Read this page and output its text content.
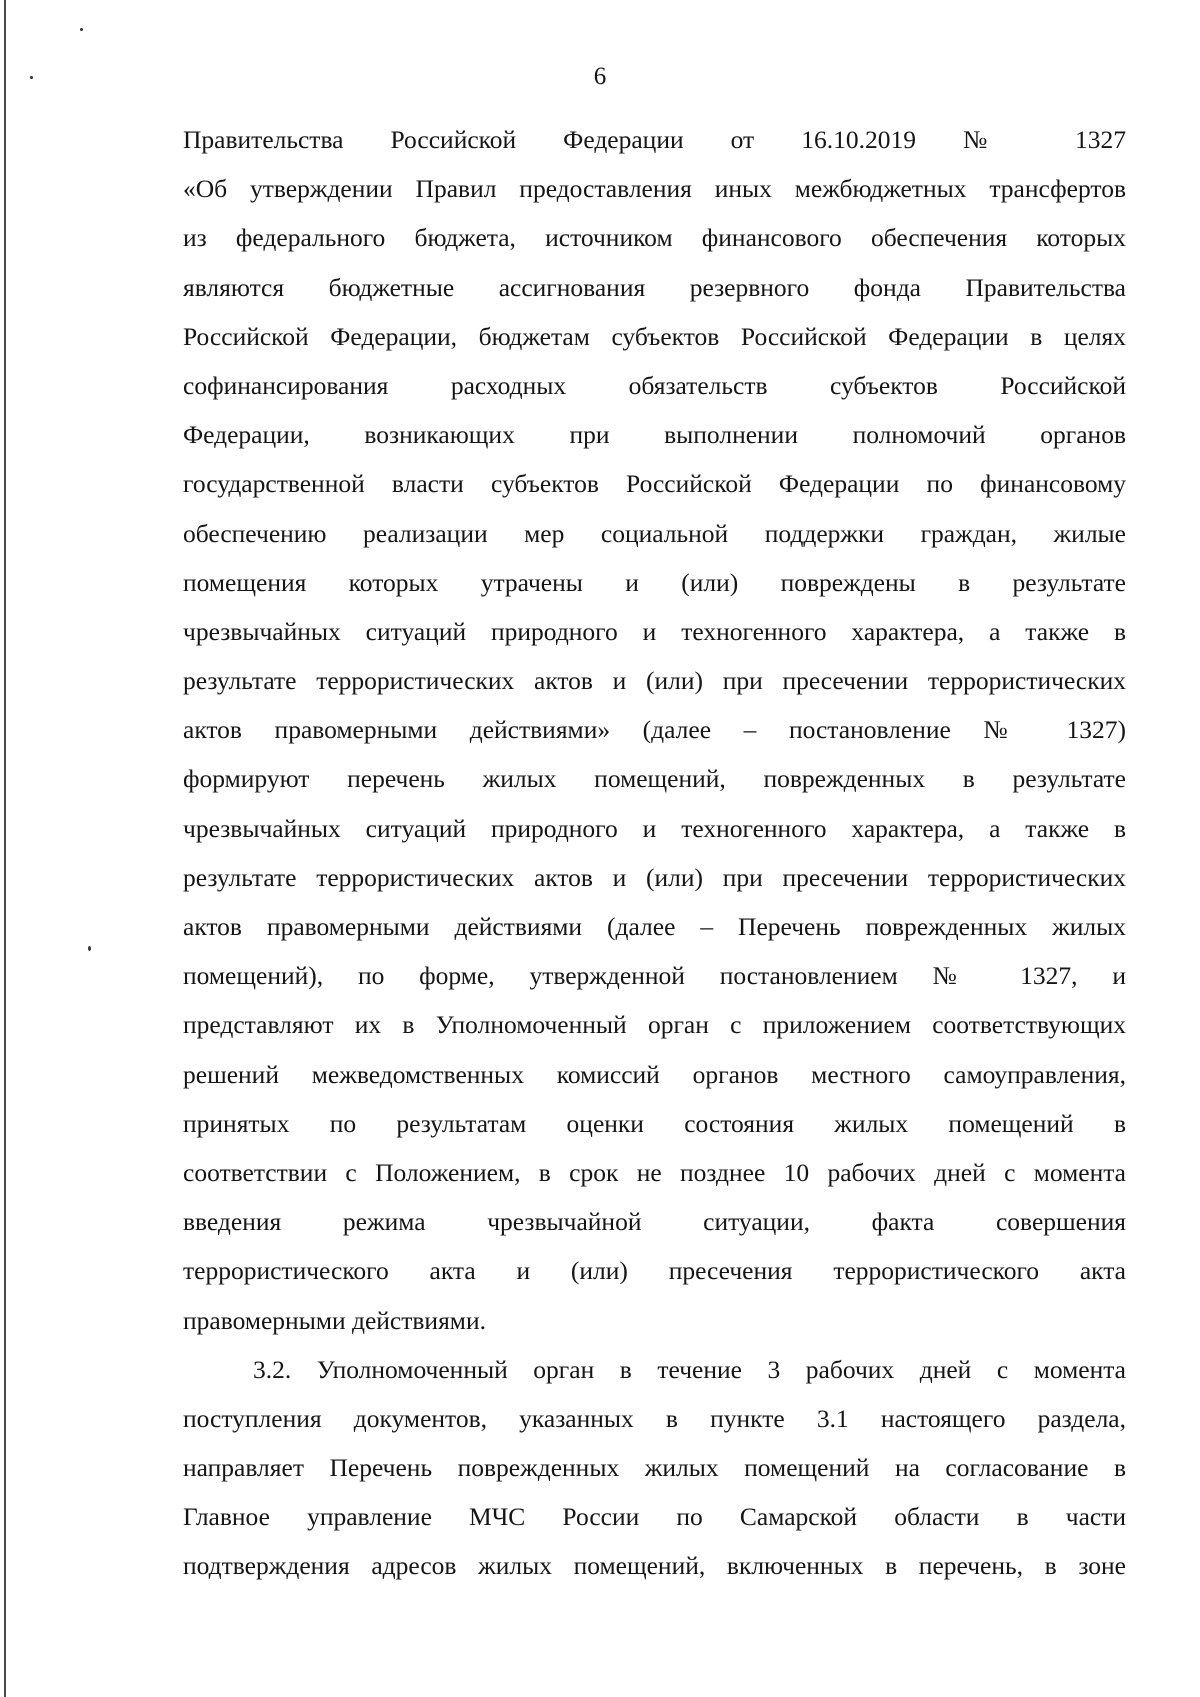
6
Правительства Российской Федерации от 16.10.2019 № 1327
«Об утверждении Правил предоставления иных межбюджетных трансфертов
из федерального бюджета, источником финансового обеспечения которых
являются бюджетные ассигнования резервного фонда Правительства
Российской Федерации, бюджетам субъектов Российской Федерации в целях
софинансирования расходных обязательств субъектов Российской
Федерации, возникающих при выполнении полномочий органов
государственной власти субъектов Российской Федерации по финансовому
обеспечению реализации мер социальной поддержки граждан, жилые
помещения которых утрачены и (или) повреждены в результате
чрезвычайных ситуаций природного и техногенного характера, а также в
результате террористических актов и (или) при пресечении террористических
актов правомерными действиями» (далее – постановление № 1327)
формируют перечень жилых помещений, поврежденных в результате
чрезвычайных ситуаций природного и техногенного характера, а также в
результате террористических актов и (или) при пресечении террористических
актов правомерными действиями (далее – Перечень поврежденных жилых
помещений), по форме, утвержденной постановлением № 1327, и
представляют их в Уполномоченный орган с приложением соответствующих
решений межведомственных комиссий органов местного самоуправления,
принятых по результатам оценки состояния жилых помещений в
соответствии с Положением, в срок не позднее 10 рабочих дней с момента
введения режима чрезвычайной ситуации, факта совершения
террористического акта и (или) пресечения террористического акта
правомерными действиями.
3.2. Уполномоченный орган в течение 3 рабочих дней с момента
поступления документов, указанных в пункте 3.1 настоящего раздела,
направляет Перечень поврежденных жилых помещений на согласование в
Главное управление МЧС России по Самарской области в части
подтверждения адресов жилых помещений, включенных в перечень, в зоне
